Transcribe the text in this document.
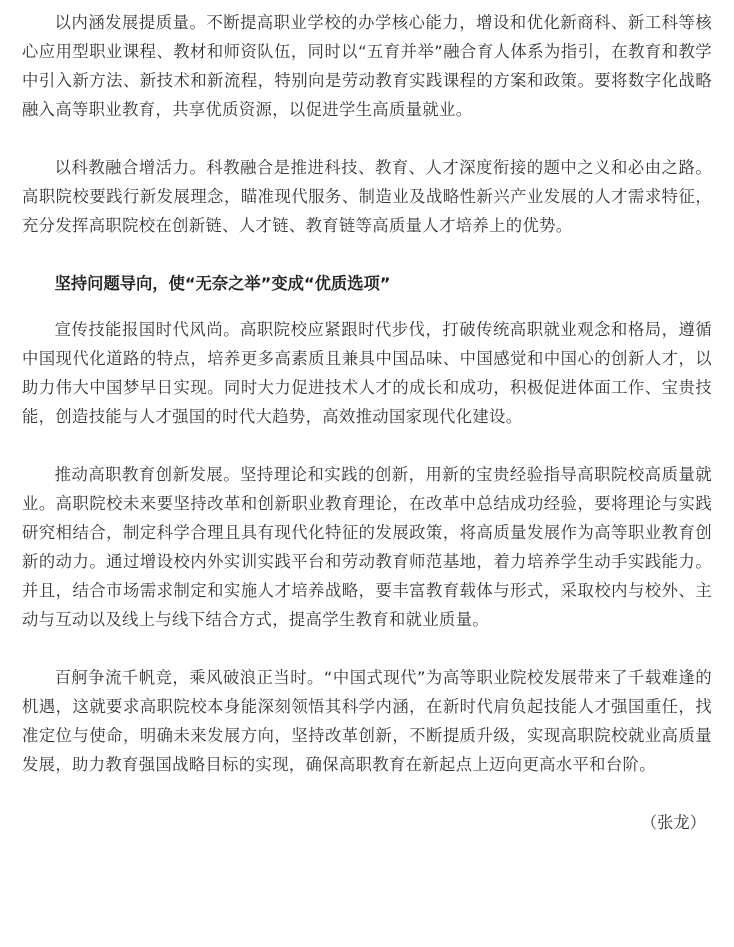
以内涵发展提质量。不断提高职业学校的办学核心能力，增设和优化新商科、新工科等核心应用型职业课程、教材和师资队伍，同时以“五育并举”融合育人体系为指引，在教育和教学中引入新方法、新技术和新流程，特别向是劳动教育实践课程的方案和政策。要将数字化战略融入高等职业教育，共享优质资源，以促进学生高质量就业。

以科教融合增活力。科教融合是推进科技、教育、人才深度衔接的题中之义和必由之路。高职院校要践行新发展理念，瞄准现代服务、制造业及战略性新兴产业发展的人才需求特征，充分发挥高职院校在创新链、人才链、教育链等高质量人才培养上的优势。

坚持问题导向，使“无奈之举”变成“优质选项”

宣传技能报国时代风尚。高职院校应紧跟时代步伐，打破传统高职就业观念和格局，遵循中国现代化道路的特点，培养更多高素质且兼具中国品味、中国感觉和中国心的创新人才，以助力伟大中国梦早日实现。同时大力促进技术人才的成长和成功，积极促进体面工作、宝贵技能，创造技能与人才强国的时代大趋势，高效推动国家现代化建设。

推动高职教育创新发展。坚持理论和实践的创新，用新的宝贵经验指导高职院校高质量就业。高职院校未来要坚持改革和创新职业教育理论，在改革中总结成功经验，要将理论与实践研究相结合，制定科学合理且具有现代化特征的发展政策，将高质量发展作为高等职业教育创新的动力。通过增设校内外实训实践平台和劳动教育师范基地，着力培养学生动手实践能力。并且，结合市场需求制定和实施人才培养战略，要丰富教育载体与形式，采取校内与校外、主动与互动以及线上与线下结合方式，提高学生教育和就业质量。

百舸争流千帆竞，乘风破浪正当时。“中国式现代”为高等职业院校发展带来了千载难逢的机遇，这就要求高职院校本身能深刻领悟其科学内涵，在新时代肩负起技能人才强国重任，找准定位与使命，明确未来发展方向，坚持改革创新，不断提质升级，实现高职院校就业高质量发展，助力教育强国战略目标的实现，确保高职教育在新起点上迈向更高水平和台阶。

（张龙）
